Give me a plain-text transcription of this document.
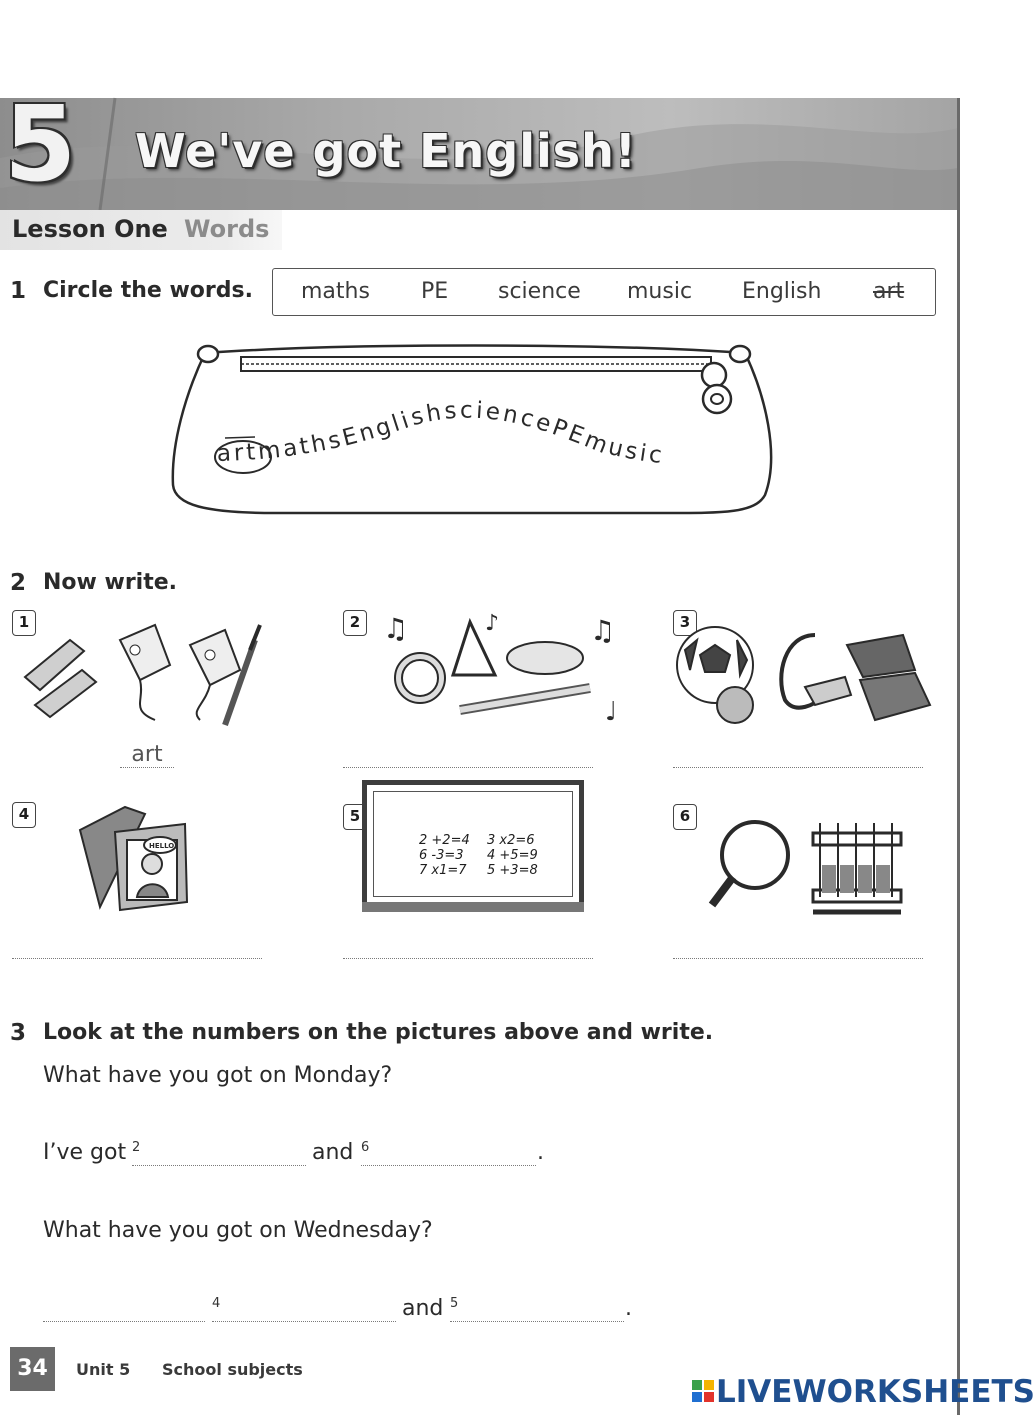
5 We've got English!
Lesson One Words
1 Circle the words. maths PE science music English art
artmathsEnglishsciencePEmusic
2 Now write.
1
art
2 ♫	♪	♫
♩
3
4
HELLO
5
2 +2=4 3 x2=6
6 -3=3 4 +5=9
7 x1=7 5 +3=8
6
3 Look at the numbers on the pictures above and write.
What have you got on Monday?
I’ve got 2	and 6	.
What have you got on Wednesday?
4	and 5	.
34	Unit 5 School subjects
LIVEWORKSHEETS
